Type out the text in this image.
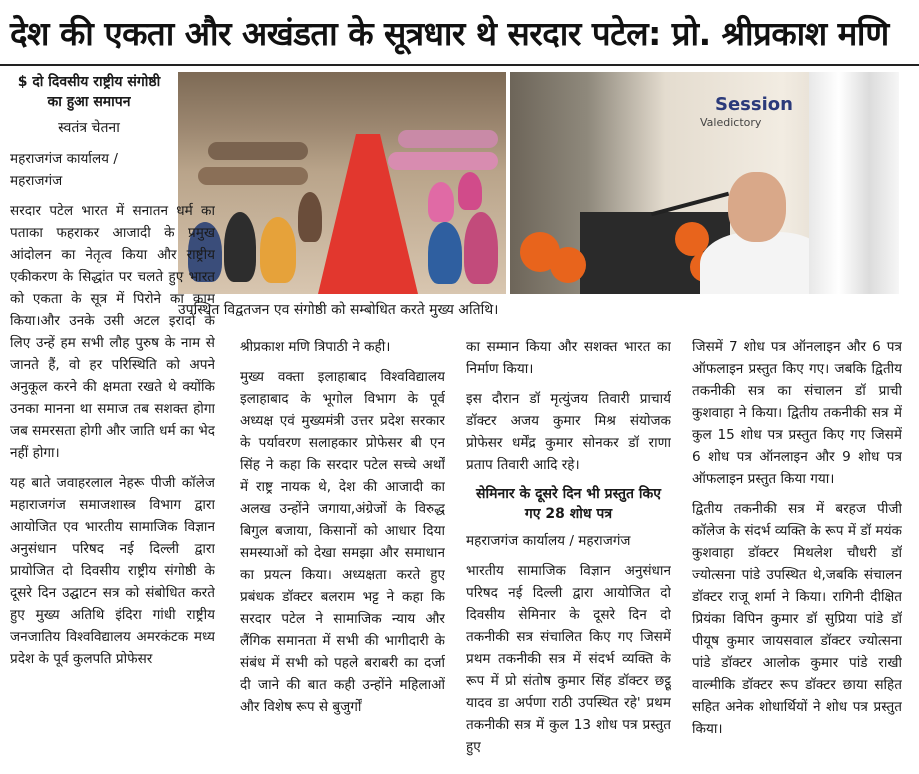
देश की एकता और अखंडता के सूत्रधार थे सरदार पटेल: प्रो. श्रीप्रकाश मणि
$ दो दिवसीय राष्ट्रीय संगोष्ठी का हुआ समापन
स्वतंत्र चेतना
महराजगंज कार्यालय / महराजगंज
Session
Valedictory
उपस्थित विद्वतजन एव संगोष्ठी को सम्बोधित करते मुख्य अतिथि।

सरदार पटेल भारत में सनातन धर्म का पताका फहराकर आजादी के प्रमुख आंदोलन का नेतृत्व किया और राष्ट्रीय एकीकरण के सिद्धांत पर चलते हुए भारत को एकता के सूत्र में पिरोने का काम किया।और उनके उसी अटल इरादों के लिए उन्हें हम सभी लौह पुरुष के नाम से जानते हैं, वो हर परिस्थिति को अपने अनुकूल करने की क्षमता रखते थे क्योंकि उनका मानना था समाज तब सशक्त होगा जब समरसता होगी और जाति धर्म का भेद नहीं होगा।

यह बाते जवाहरलाल नेहरू पीजी कॉलेज महाराजगंज समाजशास्त्र विभाग द्वारा आयोजित एव भारतीय सामाजिक विज्ञान अनुसंधान परिषद नई दिल्ली द्वारा प्रायोजित दो दिवसीय राष्ट्रीय संगोष्ठी के दूसरे दिन उद्घाटन सत्र को संबोधित करते हुए मुख्य अतिथि इंदिरा गांधी राष्ट्रीय जनजातिय विश्वविद्यालय अमरकंटक मध्य प्रदेश के पूर्व कुलपति प्रोफेसर

श्रीप्रकाश मणि त्रिपाठी ने कही।

मुख्य वक्ता इलाहाबाद विश्वविद्यालय इलाहाबाद के भूगोल विभाग के पूर्व अध्यक्ष एवं मुख्यमंत्री उत्तर प्रदेश सरकार के पर्यावरण सलाहकार प्रोफेसर बी एन सिंह ने कहा कि सरदार पटेल सच्चे अर्थों में राष्ट्र नायक थे, देश की आजादी का अलख उन्होंने जगाया,अंग्रेजों के विरुद्ध बिगुल बजाया, किसानों को आधार दिया समस्याओं को देखा समझा और समाधान का प्रयत्न किया। अध्यक्षता करते हुए प्रबंधक डॉक्टर बलराम भट्ट ने कहा कि सरदार पटेल ने सामाजिक न्याय और लैंगिक समानता में सभी की भागीदारी के संबंध में सभी को पहले बराबरी का दर्जा दी जाने की बात कही उन्होंने महिलाओं और विशेष रूप से बुजुर्गों

का सम्मान किया और सशक्त भारत का निर्माण किया।

इस दौरान डॉ मृत्युंजय तिवारी प्राचार्य डॉक्टर अजय कुमार मिश्र संयोजक प्रोफेसर धर्मेंद्र कुमार सोनकर डॉ राणा प्रताप तिवारी आदि रहे।

सेमिनार के दूसरे दिन भी प्रस्तुत किए गए 28 शोध पत्र

महराजगंज कार्यालय / महराजगंज

भारतीय सामाजिक विज्ञान अनुसंधान परिषद नई दिल्ली द्वारा आयोजित दो दिवसीय सेमिनार के दूसरे दिन दो तकनीकी सत्र संचालित किए गए जिसमें प्रथम तकनीकी सत्र में संदर्भ व्यक्ति के रूप में प्रो संतोष कुमार सिंह डॉक्टर छट्ठू यादव डा अर्पणा राठी उपस्थित रहे' प्रथम तकनीकी सत्र में कुल 13 शोध पत्र प्रस्तुत हुए

जिसमें 7 शोध पत्र ऑनलाइन और 6 पत्र ऑफलाइन प्रस्तुत किए गए। जबकि द्वितीय तकनीकी सत्र का संचालन डॉ प्राची कुशवाहा ने किया। द्वितीय तकनीकी सत्र में कुल 15 शोध पत्र प्रस्तुत किए गए जिसमें 6 शोध पत्र ऑनलाइन और 9 शोध पत्र ऑफलाइन प्रस्तुत किया गया।

द्वितीय तकनीकी सत्र में बरहज पीजी कॉलेज के संदर्भ व्यक्ति के रूप में डॉ मयंक कुशवाहा डॉक्टर मिथलेश चौधरी डॉ ज्योत्सना पांडे उपस्थित थे,जबकि संचालन डॉक्टर राजू शर्मा ने किया। रागिनी दीक्षित प्रियंका विपिन कुमार डॉ सुप्रिया पांडे डॉ पीयूष कुमार जायसवाल डॉक्टर ज्योत्सना पांडे डॉक्टर आलोक कुमार पांडे राखी वाल्मीकि डॉक्टर रूप डॉक्टर छाया सहित सहित अनेक शोधार्थियों ने शोध पत्र प्रस्तुत किया।
